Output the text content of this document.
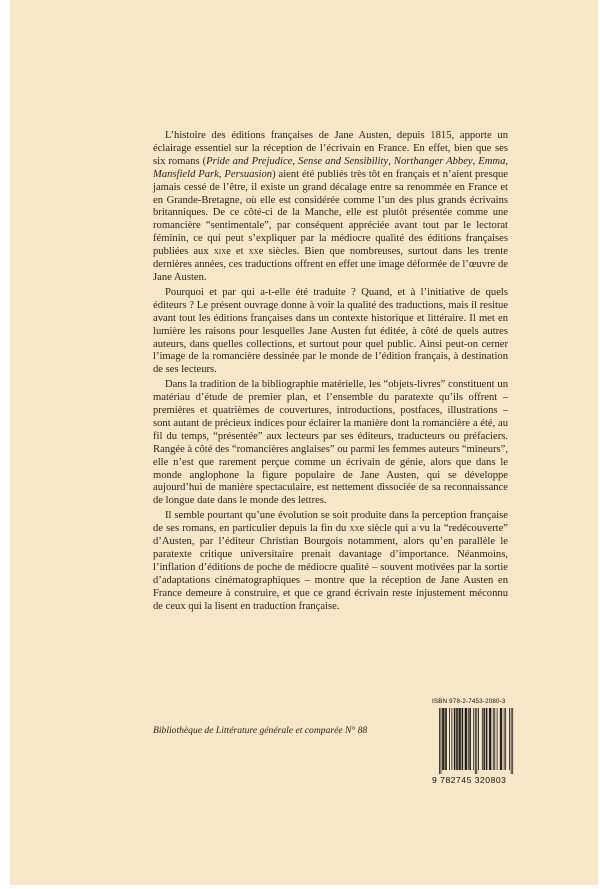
L’histoire des éditions françaises de Jane Austen, depuis 1815, apporte un éclairage essentiel sur la réception de l’écrivain en France. En effet, bien que ses six romans (Pride and Prejudice, Sense and Sensibility, Northanger Abbey, Emma, Mansfield Park, Persuasion) aient été publiés très tôt en français et n’aient presque jamais cessé de l’être, il existe un grand décalage entre sa renommée en France et en Grande-Bretagne, où elle est considérée comme l’un des plus grands écrivains britanniques. De ce côté-ci de la Manche, elle est plutôt présentée comme une romancière “sentimentale”, par conséquent appréciée avant tout par le lectorat féminin, ce qui peut s’expliquer par la médiocre qualité des éditions françaises publiées aux xixe et xxe siècles. Bien que nombreuses, surtout dans les trente dernières années, ces traductions offrent en effet une image déformée de l’œuvre de Jane Austen.

Pourquoi et par qui a-t-elle été traduite ? Quand, et à l’initiative de quels éditeurs ? Le présent ouvrage donne à voir la qualité des traductions, mais il resitue avant tout les éditions françaises dans un contexte historique et littéraire. Il met en lumière les raisons pour lesquelles Jane Austen fut éditée, à côté de quels autres auteurs, dans quelles collections, et surtout pour quel public. Ainsi peut-on cerner l’image de la romancière dessinée par le monde de l’édition français, à destination de ses lecteurs.

Dans la tradition de la bibliographie matérielle, les “objets-livres” constituent un matériau d’étude de premier plan, et l’ensemble du paratexte qu’ils offrent – premières et quatrièmes de couvertures, introductions, postfaces, illustrations – sont autant de précieux indices pour éclairer la manière dont la romancière a été, au fil du temps, “présentée” aux lecteurs par ses éditeurs, traducteurs ou préfaciers. Rangée à côté des “romancières anglaises” ou parmi les femmes auteurs “mineurs”, elle n’est que rarement perçue comme un écrivain de génie, alors que dans le monde anglophone la figure populaire de Jane Austen, qui se développe aujourd’hui de manière spectaculaire, est nettement dissociée de sa reconnaissance de longue date dans le monde des lettres.

Il semble pourtant qu’une évolution se soit produite dans la perception française de ses romans, en particulier depuis la fin du xxe siècle qui a vu la “redécouverte” d’Austen, par l’éditeur Christian Bourgois notamment, alors qu’en parallèle le paratexte critique universitaire prenait davantage d’importance. Néanmoins, l’inflation d’éditions de poche de médiocre qualité – souvent motivées par la sortie d’adaptations cinématographiques – montre que la réception de Jane Austen en France demeure à construire, et que ce grand écrivain reste injustement méconnu de ceux qui la lisent en traduction française.

Bibliothèque de Littérature générale et comparée N° 88
ISBN 978-2-7453-2080-3
9 782745 320803
